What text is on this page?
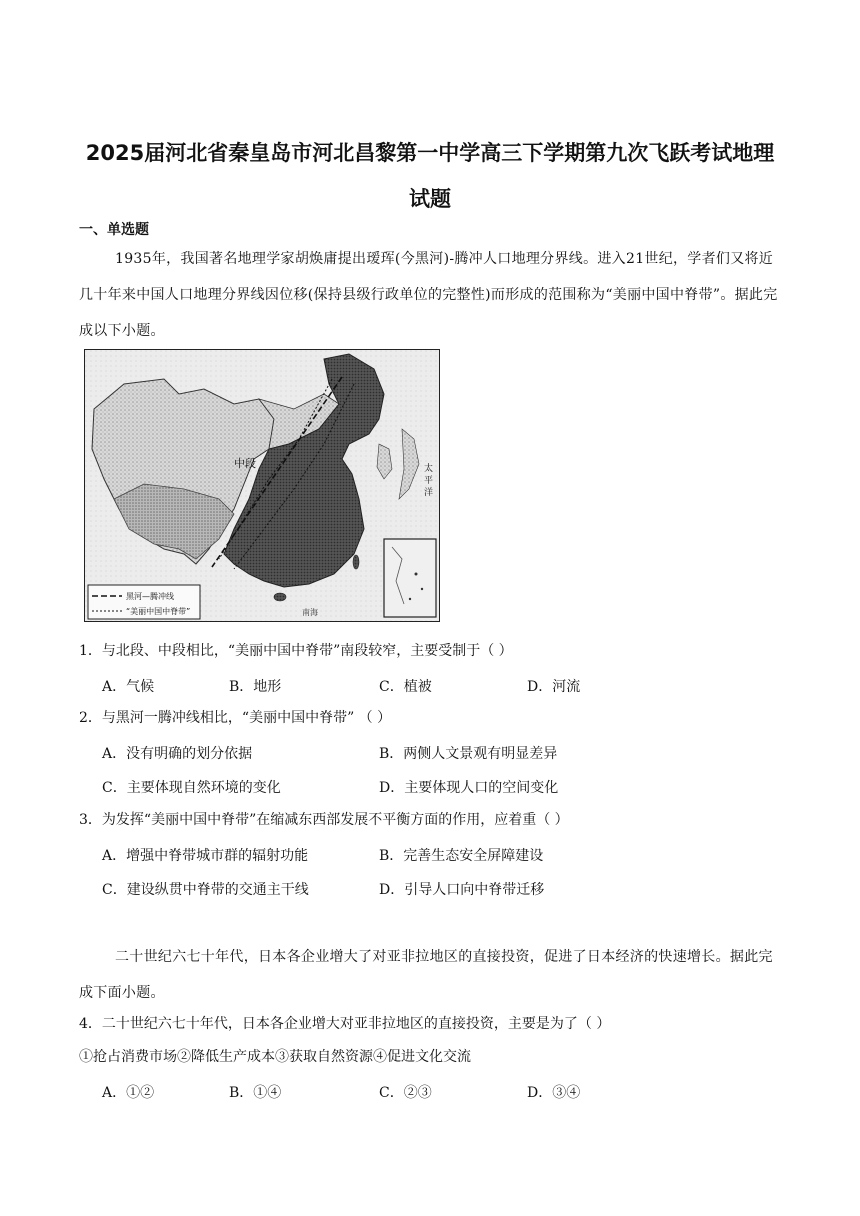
2025届河北省秦皇岛市河北昌黎第一中学高三下学期第九次飞跃考试地理
试题
一、单选题
1935年，我国著名地理学家胡焕庸提出瑷珲(今黑河)-腾冲人口地理分界线。进入21世纪，学者们又将近几十年来中国人口地理分界线因位移(保持县级行政单位的完整性)而形成的范围称为“美丽中国中脊带”。据此完成以下小题。
中段	太
平
洋
黑河—腾冲线
“美丽中国中脊带”	南海
1．与北段、中段相比，“美丽中国中脊带”南段较窄，主要受制于（ ）
A．气候	B．地形	C．植被	D．河流
2．与黑河一腾冲线相比，“美丽中国中脊带” （ ）
A．没有明确的划分依据	B．两侧人文景观有明显差异
C．主要体现自然环境的变化	D．主要体现人口的空间变化
3．为发挥“美丽中国中脊带”在缩减东西部发展不平衡方面的作用，应着重（ ）
A．增强中脊带城市群的辐射功能	B．完善生态安全屏障建设
C．建设纵贯中脊带的交通主干线	D．引导人口向中脊带迁移
二十世纪六七十年代，日本各企业增大了对亚非拉地区的直接投资，促进了日本经济的快速增长。据此完成下面小题。
4．二十世纪六七十年代，日本各企业增大对亚非拉地区的直接投资，主要是为了（ ）
①抢占消费市场②降低生产成本③获取自然资源④促进文化交流
A．①②	B．①④	C．②③	D．③④
